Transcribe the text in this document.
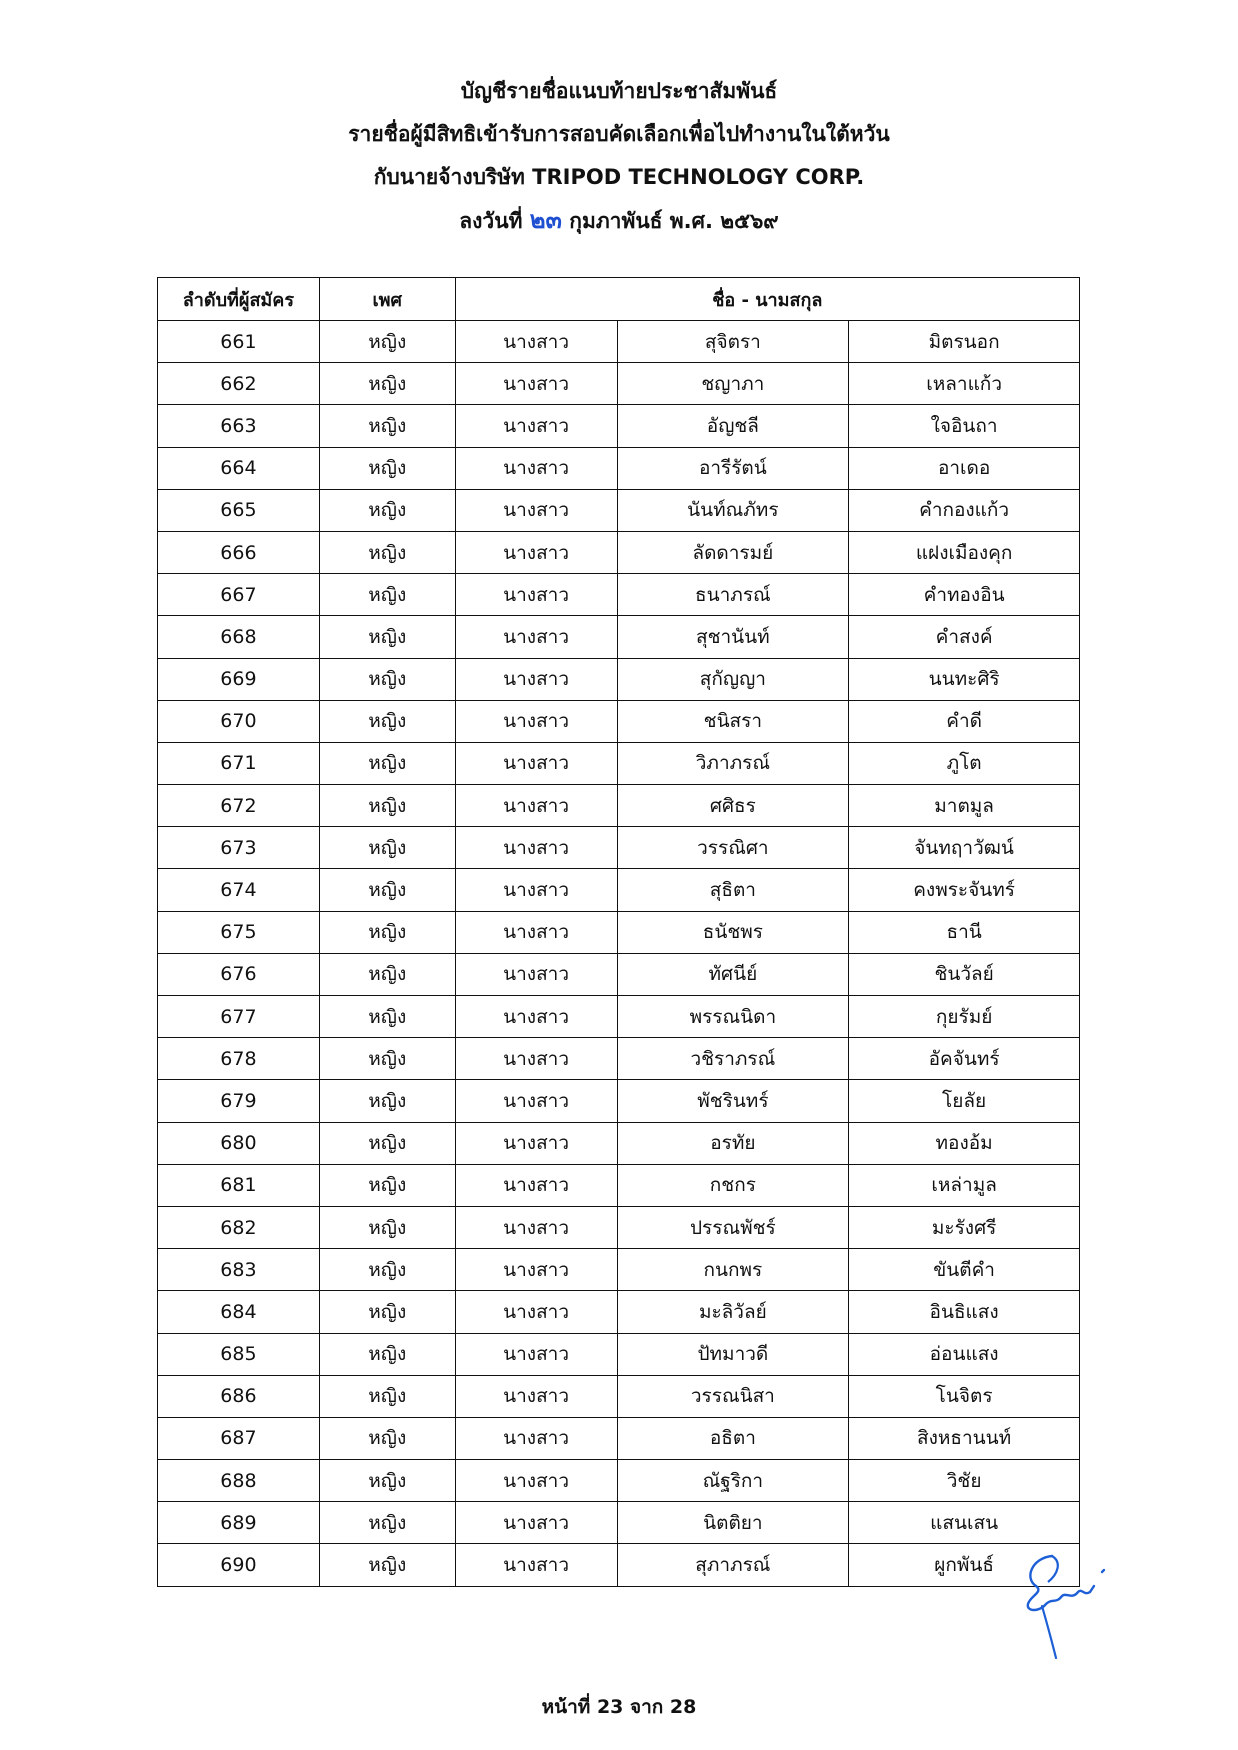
บัญชีรายชื่อแนบท้ายประชาสัมพันธ์
รายชื่อผู้มีสิทธิเข้ารับการสอบคัดเลือกเพื่อไปทำงานในใต้หวัน
กับนายจ้างบริษัท TRIPOD TECHNOLOGY CORP.
ลงวันที่ ๒๓ กุมภาพันธ์ พ.ศ. ๒๕๖๙
ลำดับที่ผู้สมัคร	เพศ	ชื่อ - นามสกุล		
661	หญิง	นางสาว	สุจิตรา	มิตรนอก
662	หญิง	นางสาว	ชญาภา	เหลาแก้ว
663	หญิง	นางสาว	อัญชลี	ใจอินถา
664	หญิง	นางสาว	อารีรัตน์	อาเดอ
665	หญิง	นางสาว	นันท์ณภัทร	คำกองแก้ว
666	หญิง	นางสาว	ลัดดารมย์	แฝงเมืองคุก
667	หญิง	นางสาว	ธนาภรณ์	คำทองอิน
668	หญิง	นางสาว	สุชานันท์	คำสงค์
669	หญิง	นางสาว	สุกัญญา	นนทะศิริ
670	หญิง	นางสาว	ชนิสรา	คำดี
671	หญิง	นางสาว	วิภาภรณ์	ภูโต
672	หญิง	นางสาว	ศศิธร	มาตมูล
673	หญิง	นางสาว	วรรณิศา	จันทฤาวัฒน์
674	หญิง	นางสาว	สุธิตา	คงพระจันทร์
675	หญิง	นางสาว	ธนัชพร	ธานี
676	หญิง	นางสาว	ทัศนีย์	ชินวัลย์
677	หญิง	นางสาว	พรรณนิดา	กุยรัมย์
678	หญิง	นางสาว	วชิราภรณ์	อัคจันทร์
679	หญิง	นางสาว	พัชรินทร์	โยลัย
680	หญิง	นางสาว	อรทัย	ทองอ้ม
681	หญิง	นางสาว	กชกร	เหล่ามูล
682	หญิง	นางสาว	ปรรณพัชร์	มะรังศรี
683	หญิง	นางสาว	กนกพร	ขันตีคำ
684	หญิง	นางสาว	มะลิวัลย์	อินธิแสง
685	หญิง	นางสาว	ปัทมาวดี	อ่อนแสง
686	หญิง	นางสาว	วรรณนิสา	โนจิตร
687	หญิง	นางสาว	อธิตา	สิงหธานนท์
688	หญิง	นางสาว	ณัฐริกา	วิชัย
689	หญิง	นางสาว	นิตติยา	แสนเสน
690	หญิง	นางสาว	สุภาภรณ์	ผูกพันธ์
หน้าที่ 23 จาก 28
